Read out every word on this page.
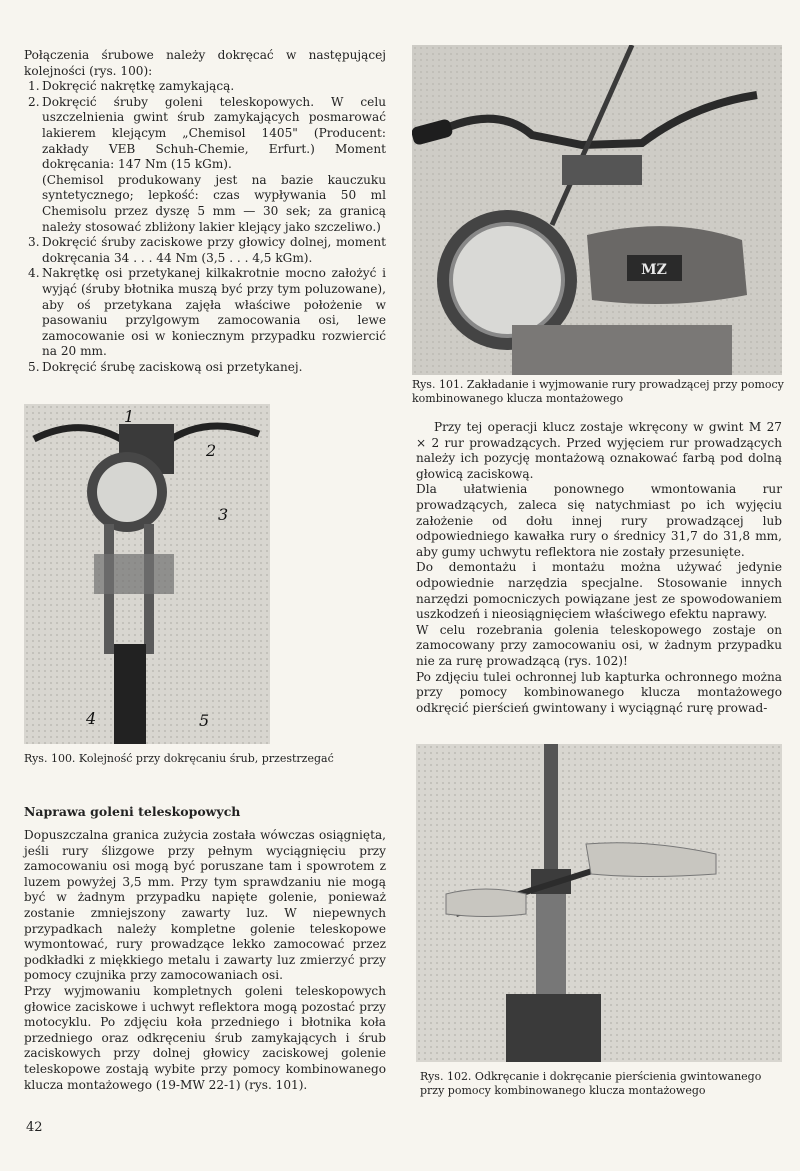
Połączenia śrubowe należy dokręcać w następującej kolejności (rys. 100):

1. Dokręcić nakrętkę zamykającą.
2. Dokręcić śruby goleni teleskopowych. W celu uszczelnienia gwint śrub zamykających posmarować lakierem klejącym „Chemisol 1405" (Producent: zakłady VEB Schuh-Chemie, Erfurt.) Moment dokręcania: 147 Nm (15 kGm).
(Chemisol produkowany jest na bazie kauczuku syntetycznego; lepkość: czas wypływania 50 ml Chemisolu przez dyszę 5 mm — 30 sek; za granicą należy stosować zbliżony lakier klejący jako szczeliwo.)
3. Dokręcić śruby zaciskowe przy głowicy dolnej, moment dokręcania 34 . . . 44 Nm (3,5 . . . 4,5 kGm).
4. Nakrętkę osi przetykanej kilkakrotnie mocno założyć i wyjąć (śruby błotnika muszą być przy tym poluzowane), aby oś przetykana zajęła właściwe położenie w pasowaniu przylgowym zamocowania osi, lewe zamocowanie osi w koniecznym przypadku rozwiercić na 20 mm.
5. Dokręcić śrubę zaciskową osi przetykanej.
MZ
Rys. 101. Zakładanie i wyjmowanie rury prowadzącej przy pomocy kombinowanego klucza montażowego
1
2
3
4	5
Rys. 100. Kolejność przy dokręcaniu śrub, przestrzegać
Naprawa goleni teleskopowych

Dopuszczalna granica zużycia została wówczas osiągnięta, jeśli rury ślizgowe przy pełnym wyciągnięciu przy zamocowaniu osi mogą być poruszane tam i spowrotem z luzem powyżej 3,5 mm. Przy tym sprawdzaniu nie mogą być w żadnym przypadku napięte golenie, ponieważ zostanie zmniejszony zawarty luz. W niepewnych przypadkach należy kompletne golenie teleskopowe wymontować, rury prowadzące lekko zamocować przez podkładki z miękkiego metalu i zawarty luz zmierzyć przy pomocy czujnika przy zamocowaniach osi.

Przy wyjmowaniu kompletnych goleni teleskopowych głowice zaciskowe i uchwyt reflektora mogą pozostać przy motocyklu. Po zdjęciu koła przedniego i błotnika koła przedniego oraz odkręceniu śrub zamykających i śrub zaciskowych przy dolnej głowicy zaciskowej golenie teleskopowe zostają wybite przy pomocy kombinowanego klucza montażowego (19-MW 22-1) (rys. 101).

Przy tej operacji klucz zostaje wkręcony w gwint M 27 × 2 rur prowadzących. Przed wyjęciem rur prowadzących należy ich pozycję montażową oznakować farbą pod dolną głowicą zaciskową.

Dla ułatwienia ponownego wmontowania rur prowadzących, zaleca się natychmiast po ich wyjęciu założenie od dołu innej rury prowadzącej lub odpowiedniego kawałka rury o średnicy 31,7 do 31,8 mm, aby gumy uchwytu reflektora nie zostały przesunięte.

Do demontażu i montażu można używać jedynie odpowiednie narzędzia specjalne. Stosowanie innych narzędzi pomocniczych powiązane jest ze spowodowaniem uszkodzeń i nieosiągnięciem właściwego efektu naprawy.

W celu rozebrania golenia teleskopowego zostaje on zamocowany przy zamocowaniu osi, w żadnym przypadku nie za rurę prowadzącą (rys. 102)!

Po zdjęciu tulei ochronnej lub kapturka ochronnego można przy pomocy kombinowanego klucza montażowego odkręcić pierścień gwintowany i wyciągnąć rurę prowad-

Rys. 102. Odkręcanie i dokręcanie pierścienia gwintowanego przy pomocy kombinowanego klucza montażowego
42
